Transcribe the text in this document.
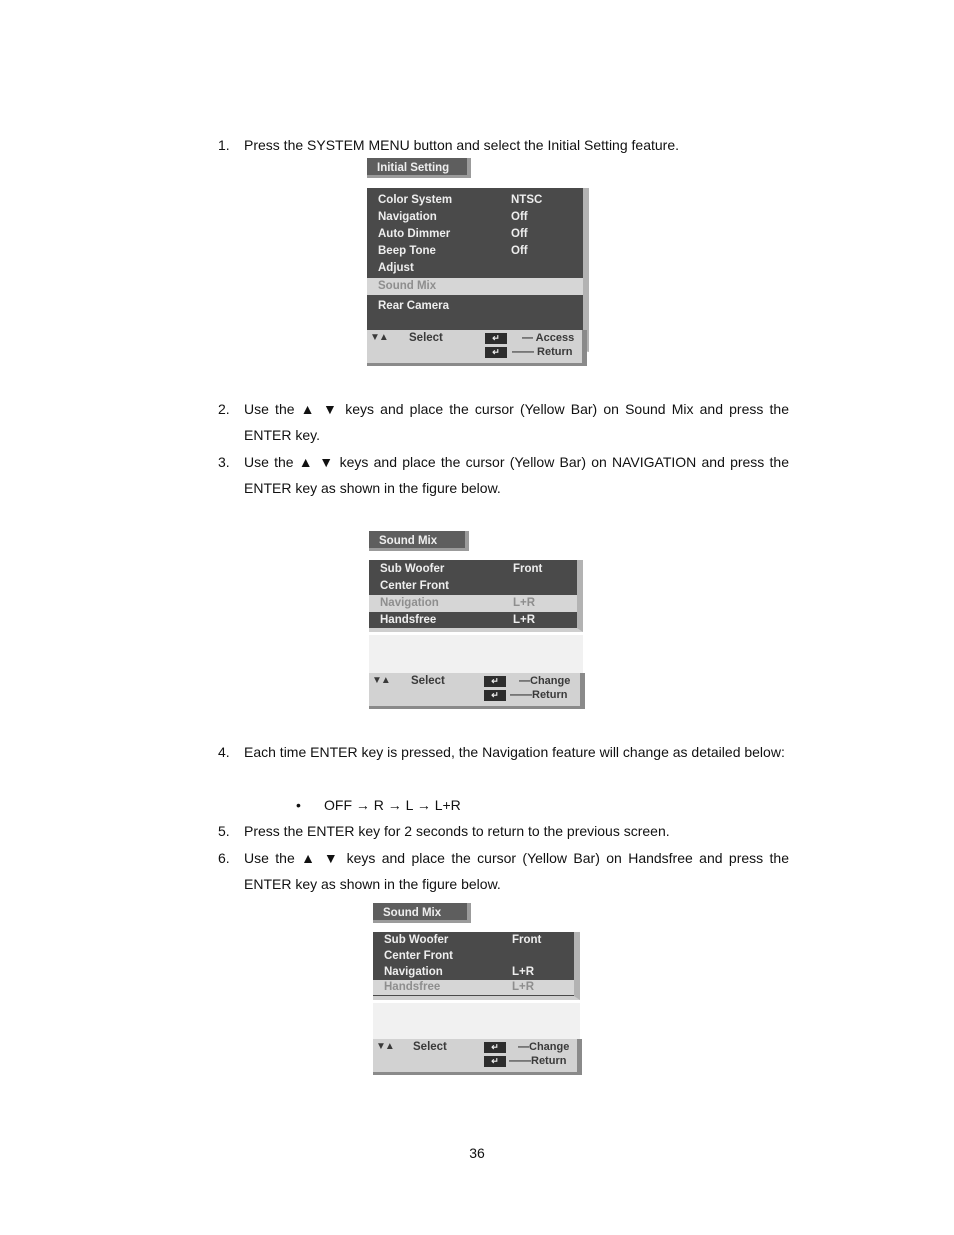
1. Press the SYSTEM MENU button and select the Initial Setting feature.
Initial Setting
Color System	NTSC
Navigation	Off
Auto Dimmer	Off
Beep Tone	Off
Adjust
Sound Mix
Rear Camera
▼▲ Select	↵
↵
— Access
—— Return
2. Use the ▲ ▼ keys and place the cursor (Yellow Bar) on Sound Mix and press the ENTER key.
3. Use the ▲ ▼ keys and place the cursor (Yellow Bar) on NAVIGATION and press the ENTER key as shown in the figure below.
Sound Mix
Sub Woofer	Front
Center Front
Navigation	L+R
Handsfree	L+R
▼▲ Select	↵
↵
—Change
——Return
4. Each time ENTER key is pressed, the Navigation feature will change as detailed below:
• OFF → R → L → L+R
5. Press the ENTER key for 2 seconds to return to the previous screen.
6. Use the ▲ ▼ keys and place the cursor (Yellow Bar) on Handsfree and press the ENTER key as shown in the figure below.
Sound Mix
Sub Woofer	Front
Center Front
Navigation	L+R
Handsfree	L+R
▼▲ Select	↵
↵
—Change
——Return
36
